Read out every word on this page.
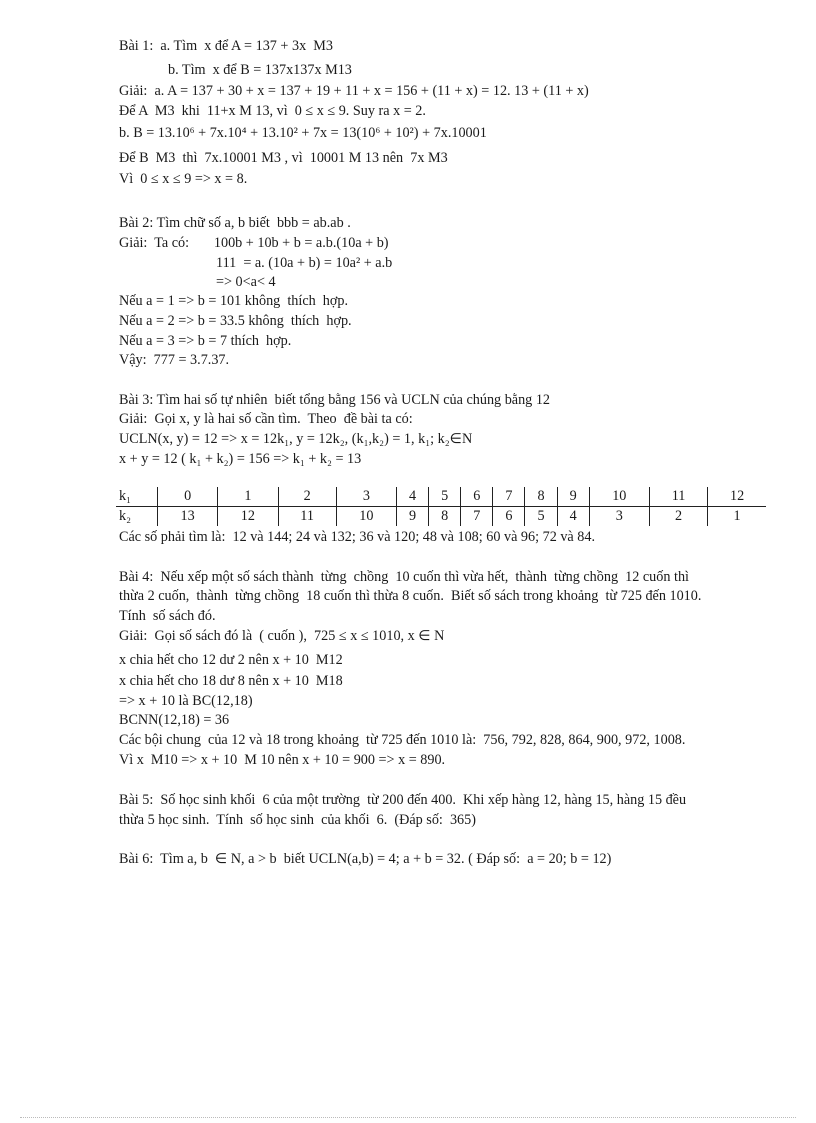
Bài 1:  a. Tìm  x để A = 137 + 3x  M3
b. Tìm  x để B = 137x137x M13
Giải:  a. A = 137 + 30 + x = 137 + 19 + 11 + x = 156 + (11 + x) = 12. 13 + (11 + x)
Để A  M3  khi  11+x M 13, vì  0 ≤ x ≤ 9. Suy ra x = 2.
b. B = 13.10⁶ + 7x.10⁴ + 13.10² + 7x = 13(10⁶ + 10²) + 7x.10001
Để B  M3  thì  7x.10001 M3 , vì  10001 M 13 nên  7x M3
Vì  0 ≤ x ≤ 9 => x = 8.
Bài 2: Tìm chữ số a, b biết  bbb = ab.ab .
Giải:  Ta có:       100b + 10b + b = a.b.(10a + b)
111  = a. (10a + b) = 10a² + a.b
=> 0<a< 4
Nếu a = 1 => b = 101 không  thích  hợp.
Nếu a = 2 => b = 33.5 không  thích  hợp.
Nếu a = 3 => b = 7 thích  hợp.
Vậy:  777 = 3.7.37.
Bài 3: Tìm hai số tự nhiên  biết tổng bằng 156 và UCLN của chúng bằng 12
Giải:  Gọi x, y là hai số cần tìm.  Theo  đề bài ta có:
UCLN(x, y) = 12 => x = 12k₁, y = 12k₂, (k₁,k₂) = 1, k₁; k₂∈N
x + y = 12 ( k₁ + k₂) = 156 => k₁ + k₂ = 13
k₁	0	1	2	3	4	5	6	7	8	9	10	11	12
k₂	13	12	11	10	9	8	7	6	5	4	3	2	1
Các số phải tìm là:  12 và 144; 24 và 132; 36 và 120; 48 và 108; 60 và 96; 72 và 84.
Bài 4:  Nếu xếp một số sách thành  từng  chồng  10 cuốn thì vừa hết,  thành  từng chồng  12 cuốn thì
thừa 2 cuốn,  thành  từng chồng  18 cuốn thì thừa 8 cuốn.  Biết số sách trong khoảng  từ 725 đến 1010.
Tính  số sách đó.
Giải:  Gọi số sách đó là  ( cuốn ),  725 ≤ x ≤ 1010, x ∈ N
x chia hết cho 12 dư 2 nên x + 10  M12
x chia hết cho 18 dư 8 nên x + 10  M18
=> x + 10 là BC(12,18)
BCNN(12,18) = 36
Các bội chung  của 12 và 18 trong khoảng  từ 725 đến 1010 là:  756, 792, 828, 864, 900, 972, 1008.
Vì x  M10 => x + 10  M 10 nên x + 10 = 900 => x = 890.
Bài 5:  Số học sinh khối  6 của một trường  từ 200 đến 400.  Khi xếp hàng 12, hàng 15, hàng 15 đều
thừa 5 học sinh.  Tính  số học sinh  của khối  6.  (Đáp số:  365)
Bài 6:  Tìm a, b  ∈ N, a > b  biết UCLN(a,b) = 4; a + b = 32. ( Đáp số:  a = 20; b = 12)
